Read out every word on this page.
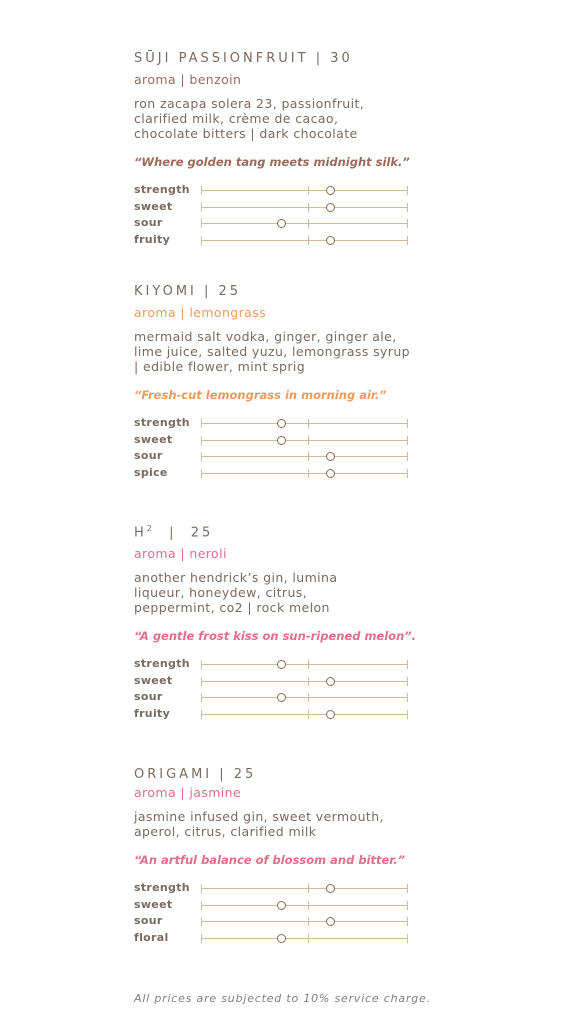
SŪJI PASSIONFRUIT | 30
aroma | benzoin
ron zacapa solera 23, passionfruit,
clarified milk, crème de cacao,
chocolate bitters | dark chocolate
“Where golden tang meets midnight silk.”
strength
sweet
sour
fruity
KIYOMI | 25
aroma | lemongrass
mermaid salt vodka, ginger, ginger ale,
lime juice, salted yuzu, lemongrass syrup
| edible flower, mint sprig
“Fresh-cut lemongrass in morning air.”
strength
sweet
sour
spice
$H^2$  |  25
aroma | neroli
another hendrick’s gin, lumina
liqueur, honeydew, citrus,
peppermint, co2 | rock melon
“A gentle frost kiss on sun-ripened melon”.
strength
sweet
sour
fruity
ORIGAMI | 25
aroma | jasmine
jasmine infused gin, sweet vermouth,
aperol, citrus, clarified milk
“An artful balance of blossom and bitter.”
strength
sweet
sour
floral
All prices are subjected to 10% service charge.
